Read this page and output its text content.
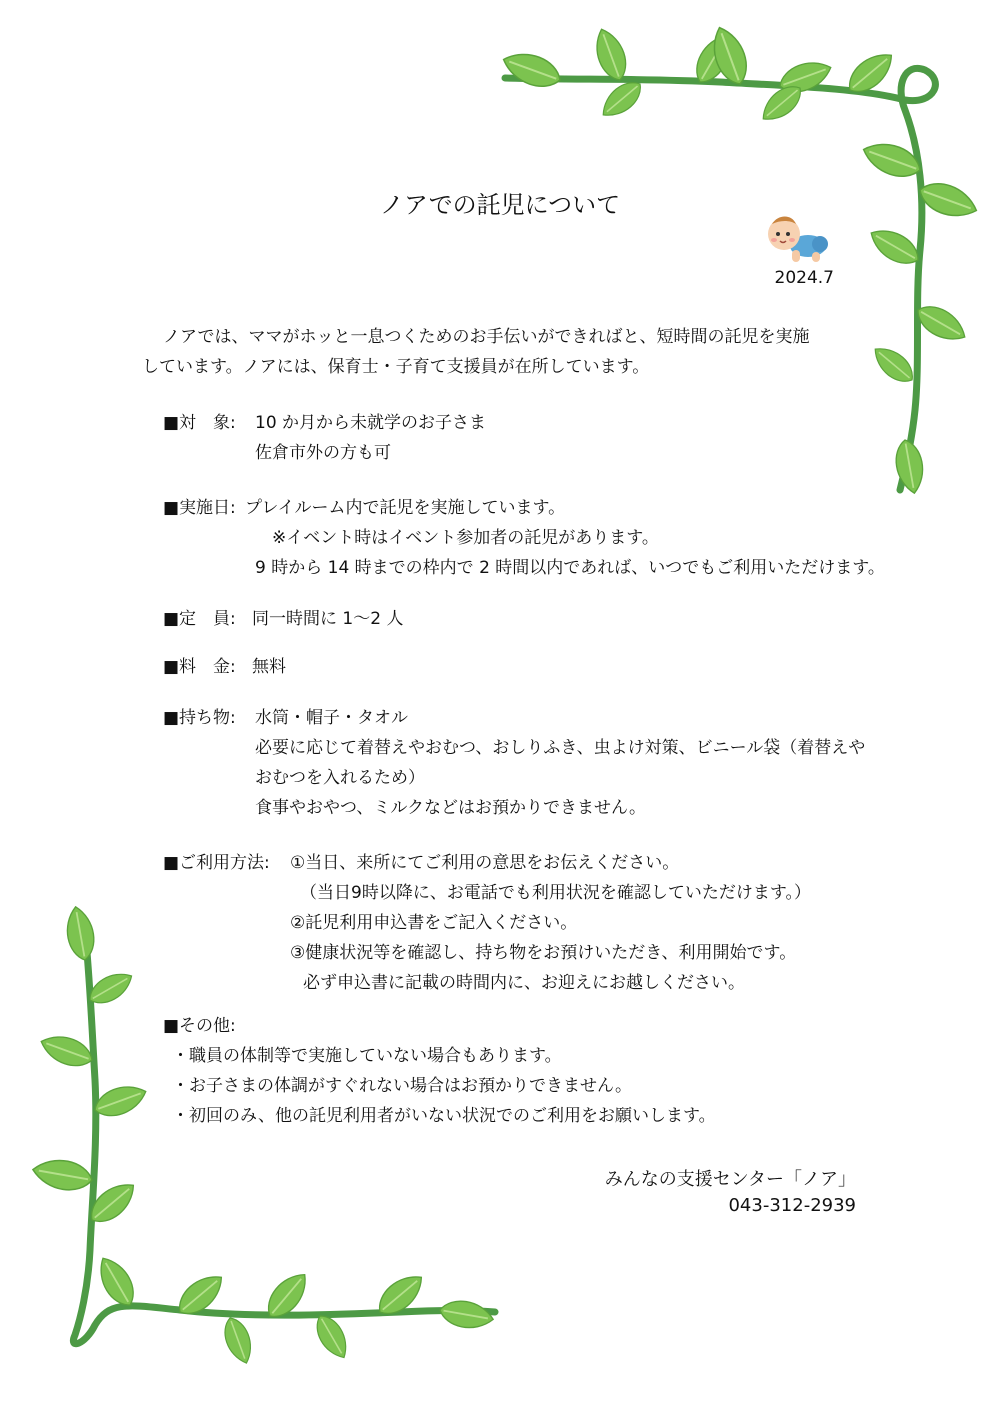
ノアでの託児について
2024.7
ノアでは、ママがホッと一息つくためのお手伝いができればと、短時間の託児を実施
しています。ノアには、保育士・子育て支援員が在所しています。
■対　象: 10 か月から未就学のお子さま
佐倉市外の方も可
■実施日: プレイルーム内で託児を実施しています。
※イベント時はイベント参加者の託児があります。
9 時から 14 時までの枠内で 2 時間以内であれば、いつでもご利用いただけます。
■定　員: 同一時間に 1～2 人
■料　金: 無料
■持ち物: 水筒・帽子・タオル
必要に応じて着替えやおむつ、おしりふき、虫よけ対策、ビニール袋（着替えや
おむつを入れるため）
食事やおやつ、ミルクなどはお預かりできません。
■ご利用方法: ①当日、来所にてご利用の意思をお伝えください。
（当日9時以降に、お電話でも利用状況を確認していただけます。）
②託児利用申込書をご記入ください。
③健康状況等を確認し、持ち物をお預けいただき、利用開始です。
必ず申込書に記載の時間内に、お迎えにお越しください。
■その他:
・職員の体制等で実施していない場合もあります。
・お子さまの体調がすぐれない場合はお預かりできません。
・初回のみ、他の託児利用者がいない状況でのご利用をお願いします。
みんなの支援センター「ノア」
043-312-2939
